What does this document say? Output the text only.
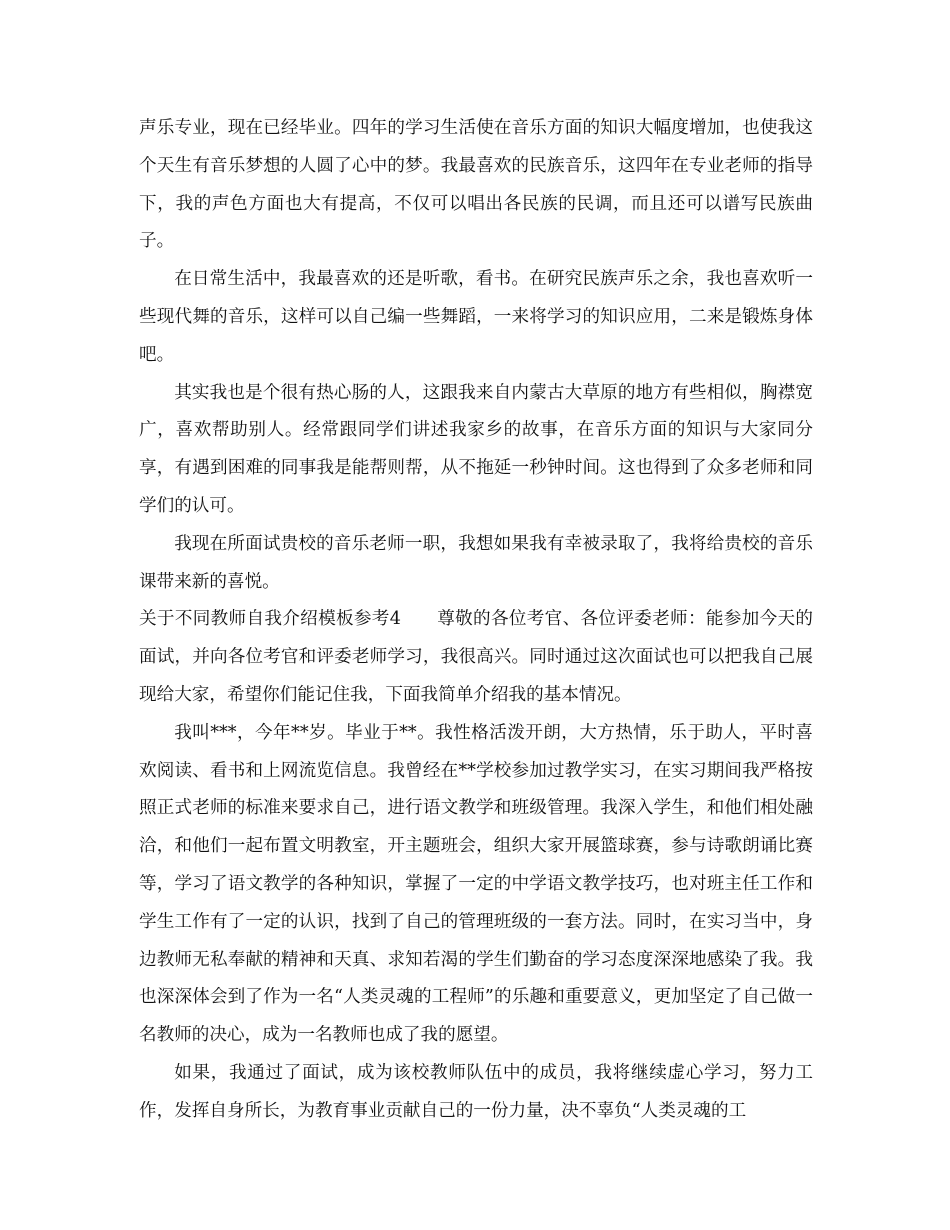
声乐专业，现在已经毕业。四年的学习生活使在音乐方面的知识大幅度增加，也使我这个天生有音乐梦想的人圆了心中的梦。我最喜欢的民族音乐，这四年在专业老师的指导下，我的声色方面也大有提高，不仅可以唱出各民族的民调，而且还可以谱写民族曲子。

在日常生活中，我最喜欢的还是听歌，看书。在研究民族声乐之余，我也喜欢听一些现代舞的音乐，这样可以自己编一些舞蹈，一来将学习的知识应用，二来是锻炼身体吧。

其实我也是个很有热心肠的人，这跟我来自内蒙古大草原的地方有些相似，胸襟宽广，喜欢帮助别人。经常跟同学们讲述我家乡的故事，在音乐方面的知识与大家同分享，有遇到困难的同事我是能帮则帮，从不拖延一秒钟时间。这也得到了众多老师和同学们的认可。

我现在所面试贵校的音乐老师一职，我想如果我有幸被录取了，我将给贵校的音乐课带来新的喜悦。

关于不同教师自我介绍模板参考4 尊敬的各位考官、各位评委老师：能参加今天的面试，并向各位考官和评委老师学习，我很高兴。同时通过这次面试也可以把我自己展现给大家，希望你们能记住我，下面我简单介绍我的基本情况。

我叫***，今年**岁。毕业于**。我性格活泼开朗，大方热情，乐于助人，平时喜欢阅读、看书和上网流览信息。我曾经在**学校参加过教学实习，在实习期间我严格按照正式老师的标准来要求自己，进行语文教学和班级管理。我深入学生，和他们相处融洽，和他们一起布置文明教室，开主题班会，组织大家开展篮球赛，参与诗歌朗诵比赛等，学习了语文教学的各种知识，掌握了一定的中学语文教学技巧，也对班主任工作和学生工作有了一定的认识，找到了自己的管理班级的一套方法。同时，在实习当中，身边教师无私奉献的精神和天真、求知若渴的学生们勤奋的学习态度深深地感染了我。我也深深体会到了作为一名“人类灵魂的工程师”的乐趣和重要意义，更加坚定了自己做一名教师的决心，成为一名教师也成了我的愿望。

如果，我通过了面试，成为该校教师队伍中的成员，我将继续虚心学习，努力工作，发挥自身所长，为教育事业贡献自己的一份力量，决不辜负“人类灵魂的工
